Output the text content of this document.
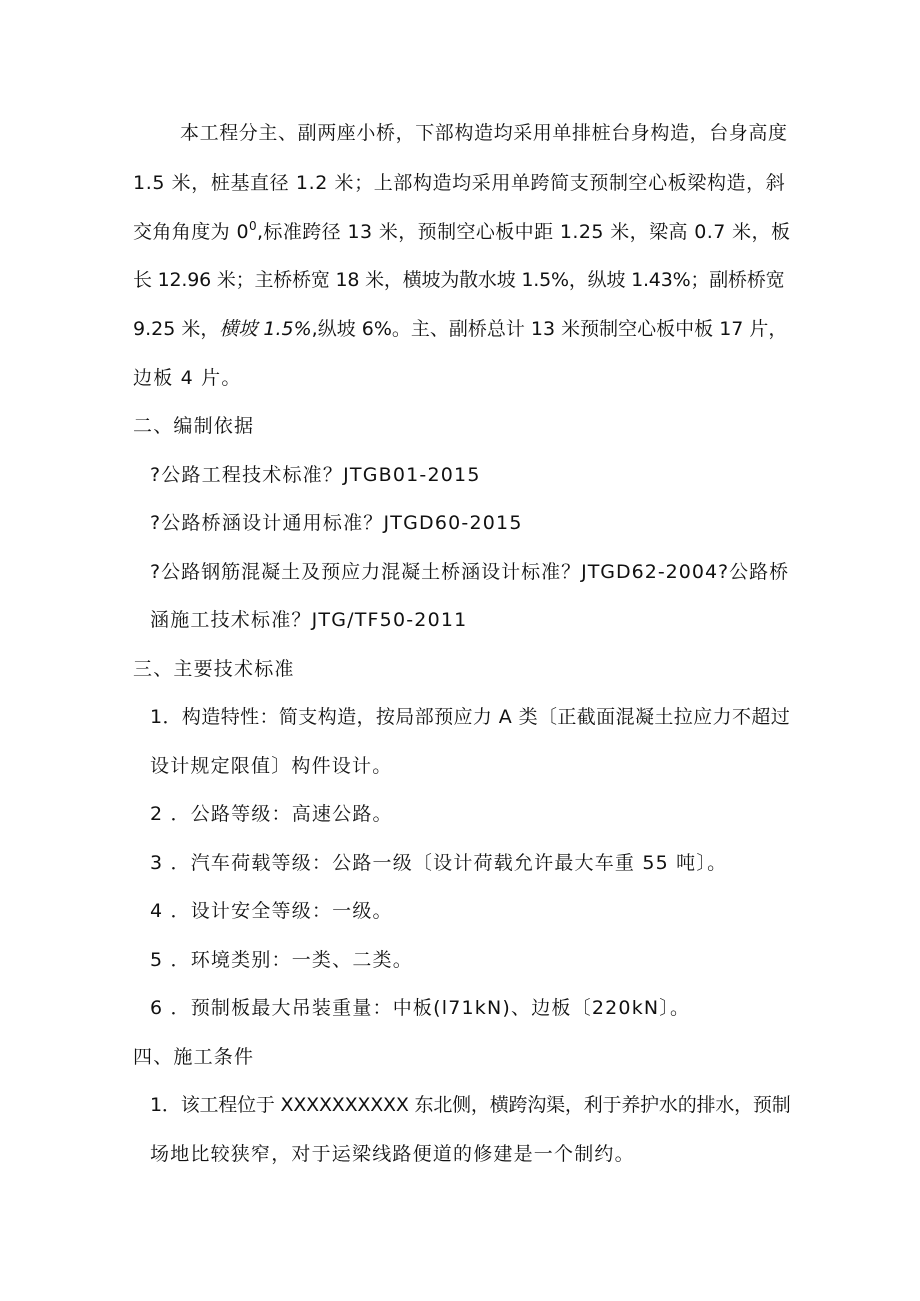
本工程分主、副两座小桥，下部构造均采用单排桩台身构造，台身高度
1.5 米，桩基直径 1.2 米；上部构造均采用单跨简支预制空心板梁构造，斜
交角角度为 $0^0$,标准跨径 13 米，预制空心板中距 1.25 米，梁高 0.7 米，板
长 12.96 米；主桥桥宽 18 米，横坡为散水坡 1.5%，纵坡 1.43%；副桥桥宽
9.25 米，横坡 1.5%,纵坡 6%。主、副桥总计 13 米预制空心板中板 17 片，
边板 4 片。
二、编制依据
?公路工程技术标准？JTGB01-2015
?公路桥涵设计通用标准？JTGD60-2015
?公路钢筋混凝土及预应力混凝土桥涵设计标准？JTGD62-2004?公路桥
涵施工技术标准？JTG/TF50-2011
三、主要技术标准
1．构造特性：简支构造，按局部预应力 A 类〔正截面混凝土拉应力不超过
设计规定限值〕构件设计。
2 ．公路等级：高速公路。
3 ．汽车荷载等级：公路一级〔设计荷载允许最大车重 55 吨〕。
4 ．设计安全等级：一级。
5 ．环境类别：一类、二类。
6 ．预制板最大吊装重量：中板(l71kN)、边板〔220kN〕。
四、施工条件
1．该工程位于 XXXXXXXXXX 东北侧，横跨沟渠，利于养护水的排水，预制
场地比较狭窄，对于运梁线路便道的修建是一个制约。
